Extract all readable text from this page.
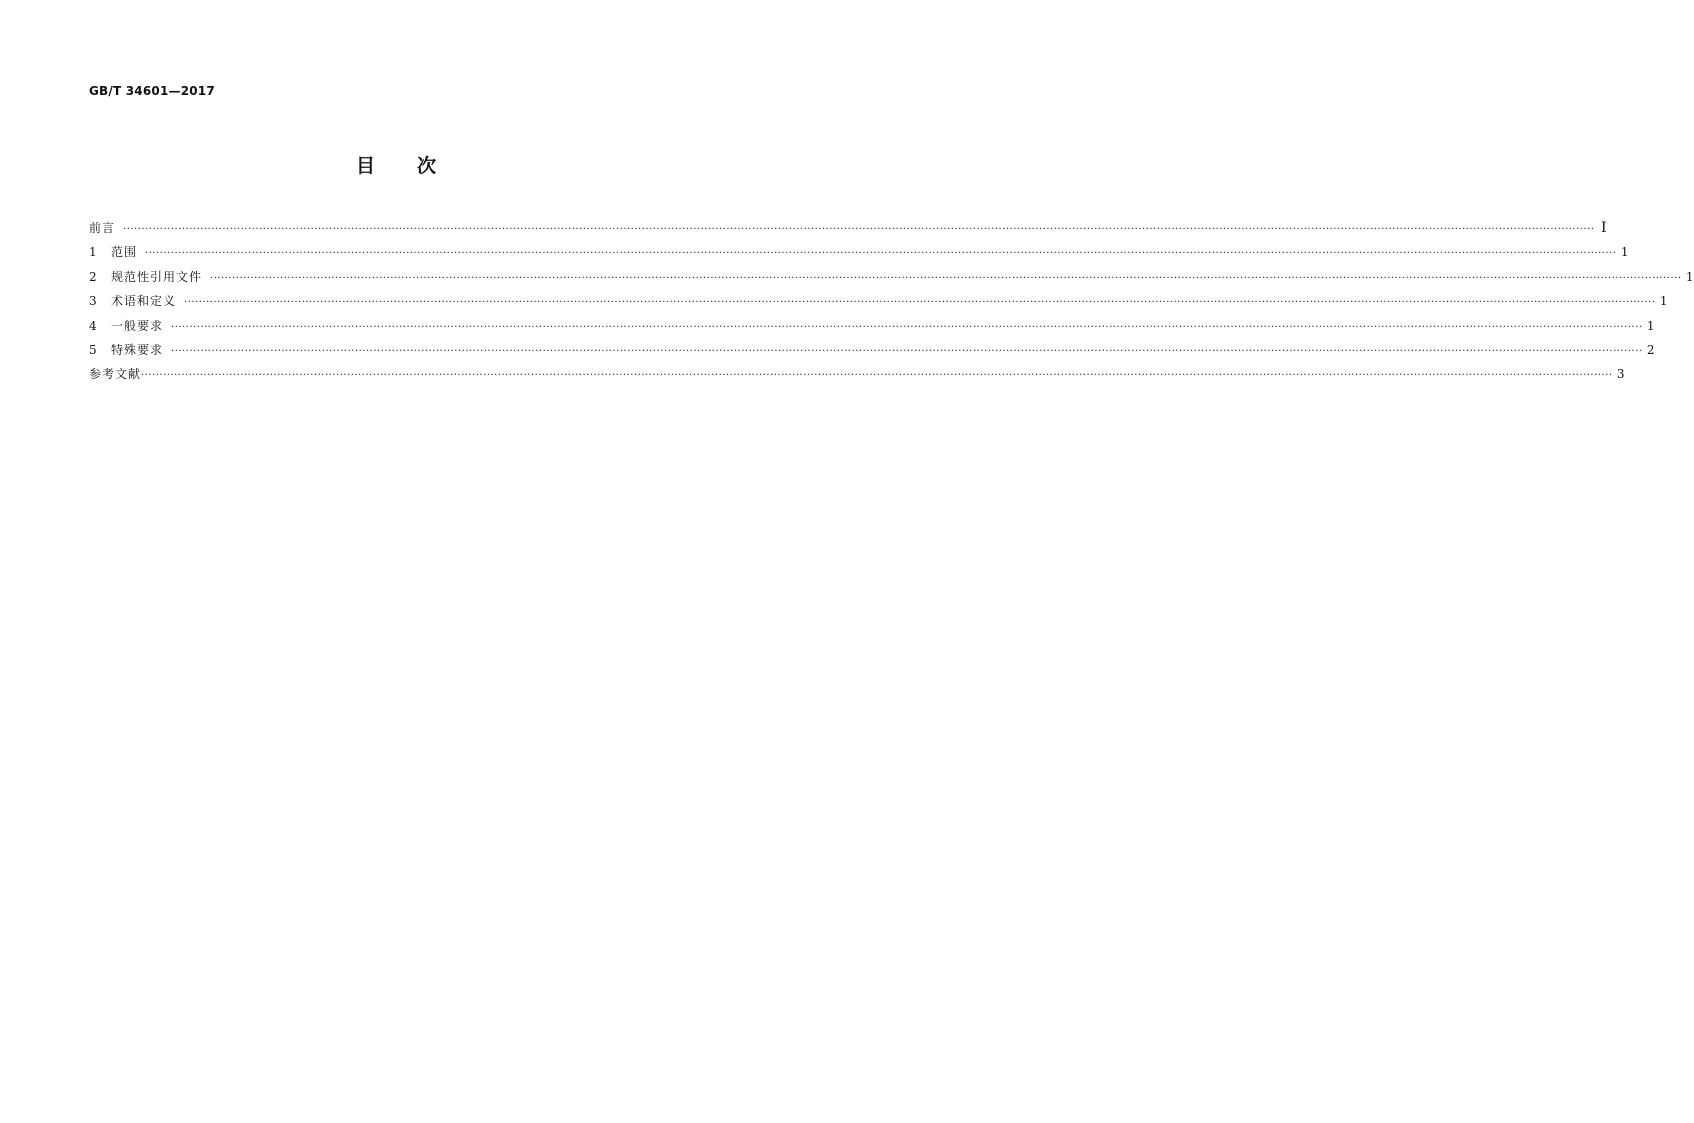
GB/T 34601—2017
目 次
前言 ················································································································································································································································································································································································································ Ⅰ
1	范围 ················································································································································································································································································································································································································ 1
2	规范性引用文件 ················································································································································································································································································································································································································ 1
3	术语和定义 ················································································································································································································································································································································································································ 1
4	一般要求 ················································································································································································································································································································································································································ 1
5	特殊要求 ················································································································································································································································································································································································································ 2
参考文献 ················································································································································································································································································································································································································ 3
